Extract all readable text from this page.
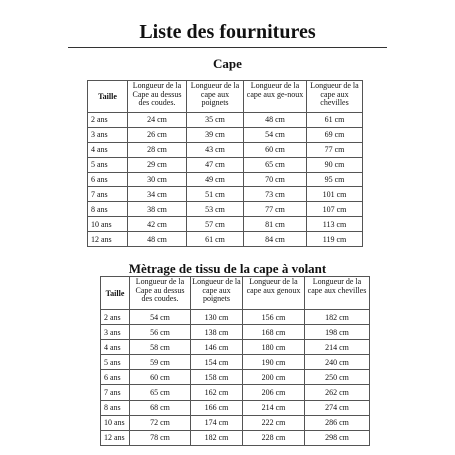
Liste des fournitures
Cape
Taille	Longueur de la Cape au dessus des coudes.	Longueur de la cape aux poignets	Longueur de la cape aux ge-noux	Longueur de la cape aux chevilles
2 ans	24 cm	35 cm	48 cm	61 cm
3 ans	26 cm	39 cm	54 cm	69 cm
4 ans	28 cm	43 cm	60 cm	77 cm
5 ans	29 cm	47 cm	65 cm	90 cm
6 ans	30 cm	49 cm	70 cm	95 cm
7 ans	34 cm	51 cm	73 cm	101 cm
8 ans	38 cm	53 cm	77 cm	107 cm
10 ans	42 cm	57 cm	81 cm	113 cm
12 ans	48 cm	61 cm	84 cm	119 cm
Mètrage de tissu de la cape à volant
Taille	Longueur de la Cape au dessus des coudes.	Longueur de la cape aux poignets	Longueur de la cape aux genoux	Longueur de la cape aux chevilles
2 ans	54 cm	130 cm	156 cm	182 cm
3 ans	56 cm	138 cm	168 cm	198 cm
4 ans	58 cm	146 cm	180 cm	214 cm
5 ans	59 cm	154 cm	190 cm	240 cm
6 ans	60 cm	158 cm	200 cm	250 cm
7 ans	65 cm	162 cm	206 cm	262 cm
8 ans	68 cm	166 cm	214 cm	274 cm
10 ans	72 cm	174 cm	222 cm	286 cm
12 ans	78 cm	182 cm	228 cm	298 cm
